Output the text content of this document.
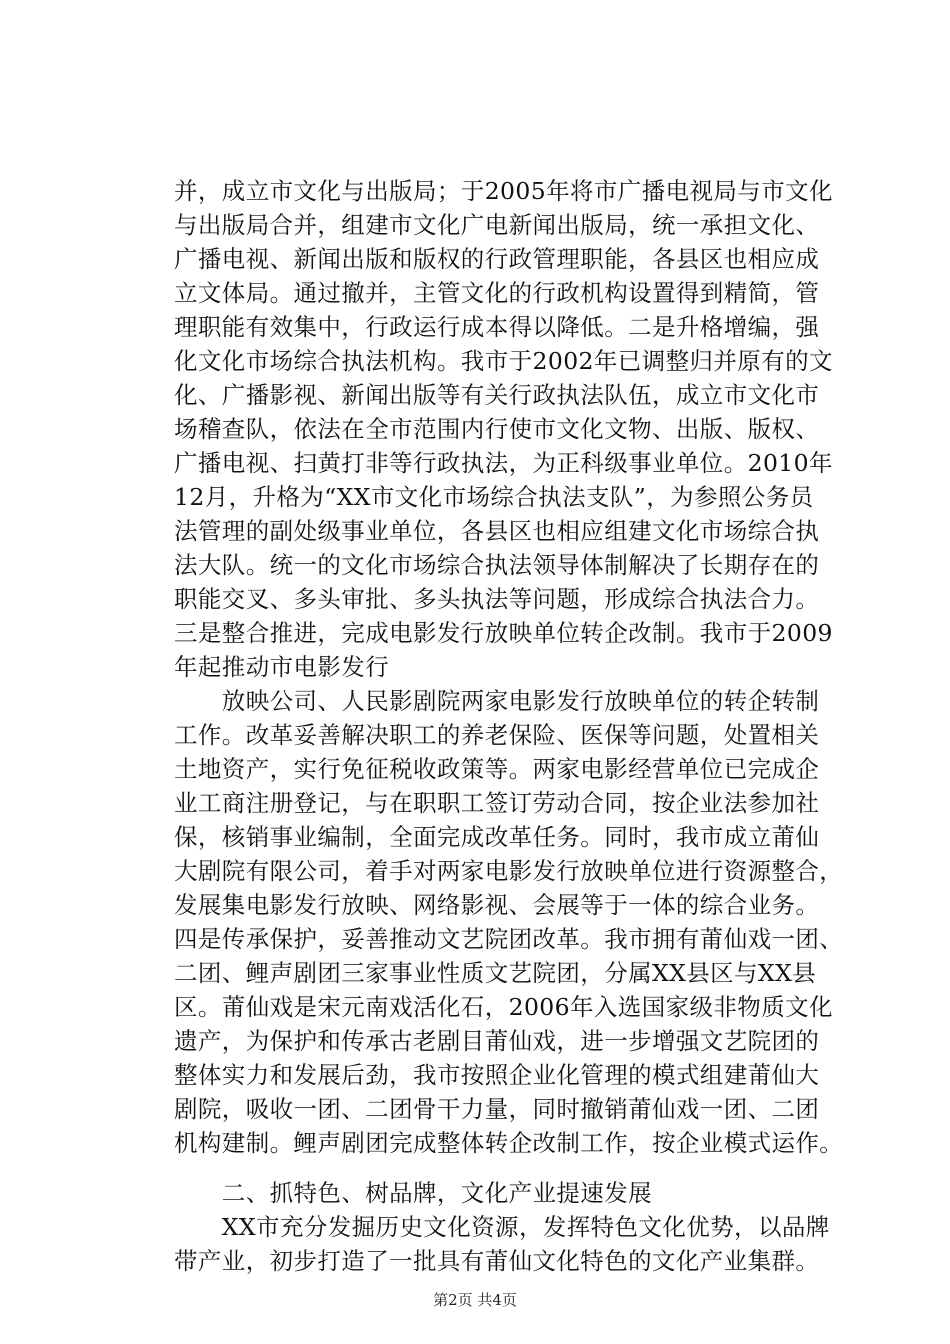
并，成立市文化与出版局；于2005年将市广播电视局与市文化

与出版局合并，组建市文化广电新闻出版局，统一承担文化、

广播电视、新闻出版和版权的行政管理职能，各县区也相应成

立文体局。通过撤并，主管文化的行政机构设置得到精简，管

理职能有效集中，行政运行成本得以降低。二是升格增编，强

化文化市场综合执法机构。我市于2002年已调整归并原有的文

化、广播影视、新闻出版等有关行政执法队伍，成立市文化市

场稽查队，依法在全市范围内行使市文化文物、出版、版权、

广播电视、扫黄打非等行政执法，为正科级事业单位。2010年

12月，升格为“XX市文化市场综合执法支队”，为参照公务员

法管理的副处级事业单位，各县区也相应组建文化市场综合执

法大队。统一的文化市场综合执法领导体制解决了长期存在的

职能交叉、多头审批、多头执法等问题，形成综合执法合力。

三是整合推进，完成电影发行放映单位转企改制。我市于2009

年起推动市电影发行

　　放映公司、人民影剧院两家电影发行放映单位的转企转制

工作。改革妥善解决职工的养老保险、医保等问题，处置相关

土地资产，实行免征税收政策等。两家电影经营单位已完成企

业工商注册登记，与在职职工签订劳动合同，按企业法参加社

保，核销事业编制，全面完成改革任务。同时，我市成立莆仙

大剧院有限公司，着手对两家电影发行放映单位进行资源整合，

发展集电影发行放映、网络影视、会展等于一体的综合业务。

四是传承保护，妥善推动文艺院团改革。我市拥有莆仙戏一团、

二团、鲤声剧团三家事业性质文艺院团，分属XX县区与XX县

区。莆仙戏是宋元南戏活化石，2006年入选国家级非物质文化

遗产，为保护和传承古老剧目莆仙戏，进一步增强文艺院团的

整体实力和发展后劲，我市按照企业化管理的模式组建莆仙大

剧院，吸收一团、二团骨干力量，同时撤销莆仙戏一团、二团

机构建制。鲤声剧团完成整体转企改制工作，按企业模式运作。

　　二、抓特色、树品牌，文化产业提速发展

　　XX市充分发掘历史文化资源，发挥特色文化优势，以品牌

带产业，初步打造了一批具有莆仙文化特色的文化产业集群。

第2页 共4页
